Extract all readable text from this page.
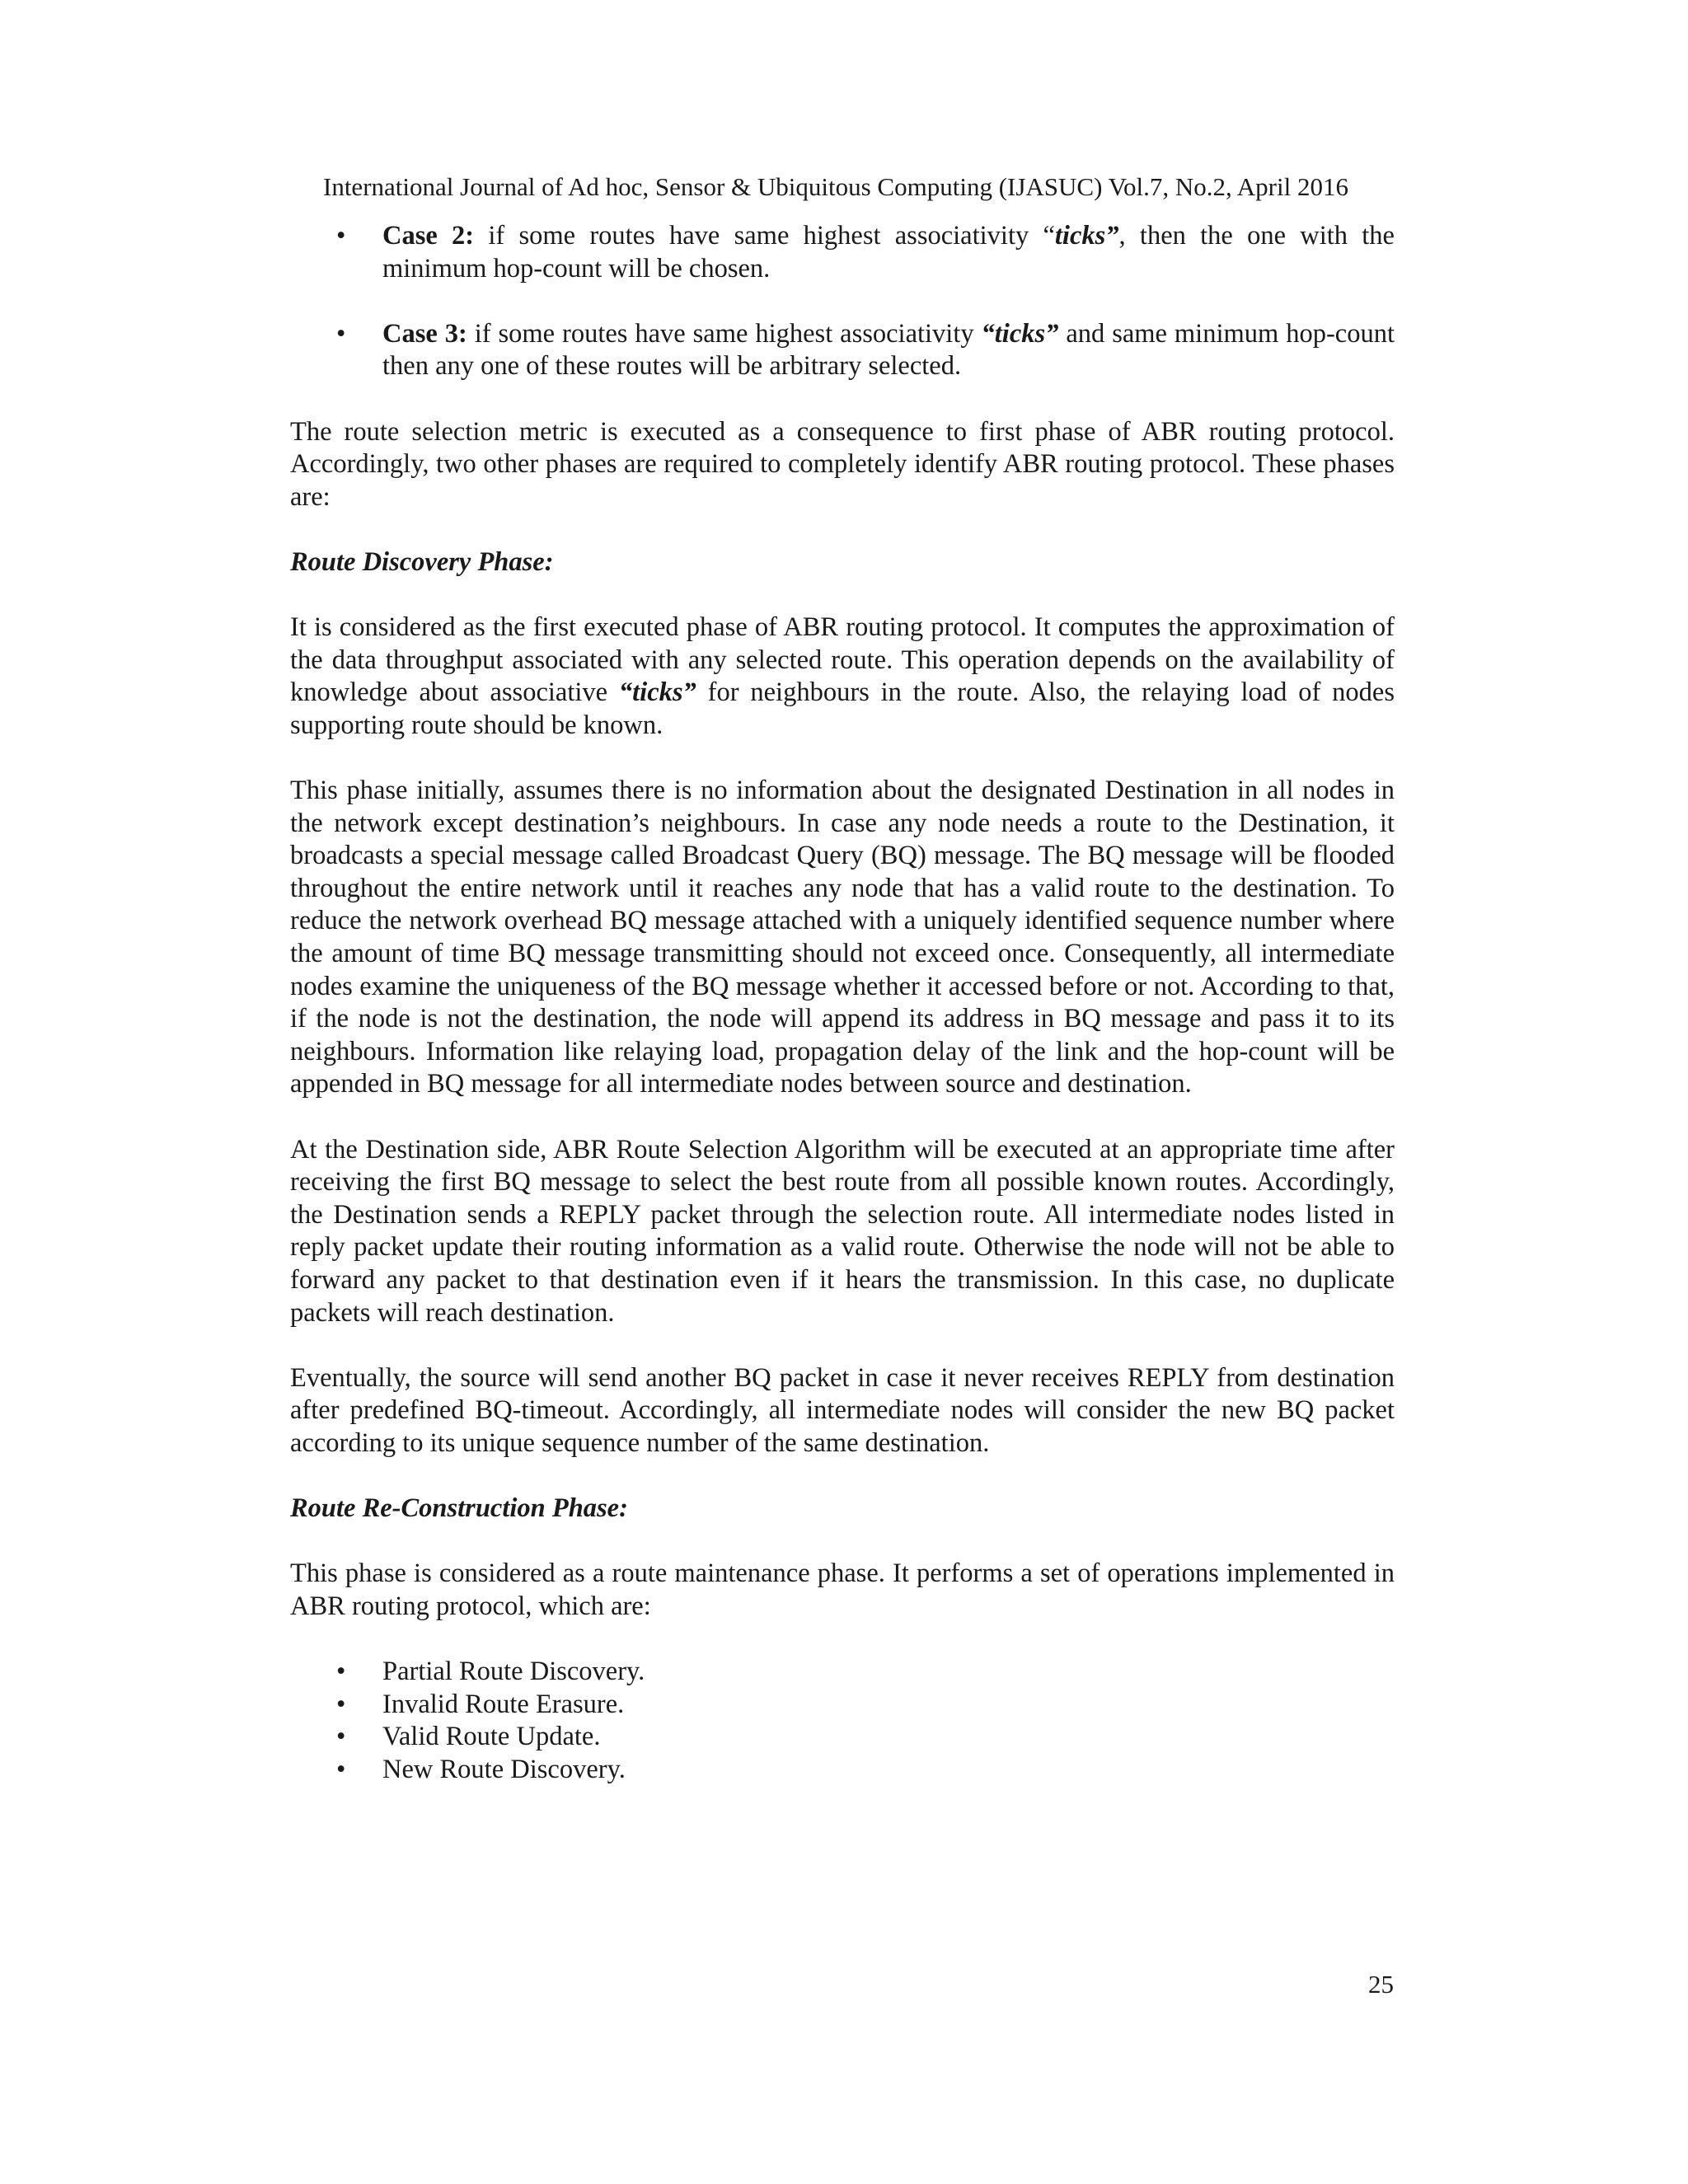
International Journal of Ad hoc, Sensor & Ubiquitous Computing (IJASUC) Vol.7, No.2, April 2016
•	Case 2: if some routes have same highest associativity “ticks”, then the one with the minimum hop-count will be chosen.
•	Case 3: if some routes have same highest associativity “ticks” and same minimum hop-count then any one of these routes will be arbitrary selected.

The route selection metric is executed as a consequence to first phase of ABR routing protocol. Accordingly, two other phases are required to completely identify ABR routing protocol. These phases are:

Route Discovery Phase:

It is considered as the first executed phase of ABR routing protocol. It computes the approximation of the data throughput associated with any selected route. This operation depends on the availability of knowledge about associative “ticks” for neighbours in the route. Also, the relaying load of nodes supporting route should be known.

This phase initially, assumes there is no information about the designated Destination in all nodes in the network except destination’s neighbours. In case any node needs a route to the Destination, it broadcasts a special message called Broadcast Query (BQ) message. The BQ message will be flooded throughout the entire network until it reaches any node that has a valid route to the destination. To reduce the network overhead BQ message attached with a uniquely identified sequence number where the amount of time BQ message transmitting should not exceed once. Consequently, all intermediate nodes examine the uniqueness of the BQ message whether it accessed before or not. According to that, if the node is not the destination, the node will append its address in BQ message and pass it to its neighbours. Information like relaying load, propagation delay of the link and the hop-count will be appended in BQ message for all intermediate nodes between source and destination.

At the Destination side, ABR Route Selection Algorithm will be executed at an appropriate time after receiving the first BQ message to select the best route from all possible known routes. Accordingly, the Destination sends a REPLY packet through the selection route. All intermediate nodes listed in reply packet update their routing information as a valid route. Otherwise the node will not be able to forward any packet to that destination even if it hears the transmission. In this case, no duplicate packets will reach destination.

Eventually, the source will send another BQ packet in case it never receives REPLY from destination after predefined BQ-timeout. Accordingly, all intermediate nodes will consider the new BQ packet according to its unique sequence number of the same destination.

Route Re-Construction Phase:

This phase is considered as a route maintenance phase. It performs a set of operations implemented in ABR routing protocol, which are:

•	Partial Route Discovery.
•	Invalid Route Erasure.
•	Valid Route Update.
•	New Route Discovery.
25
